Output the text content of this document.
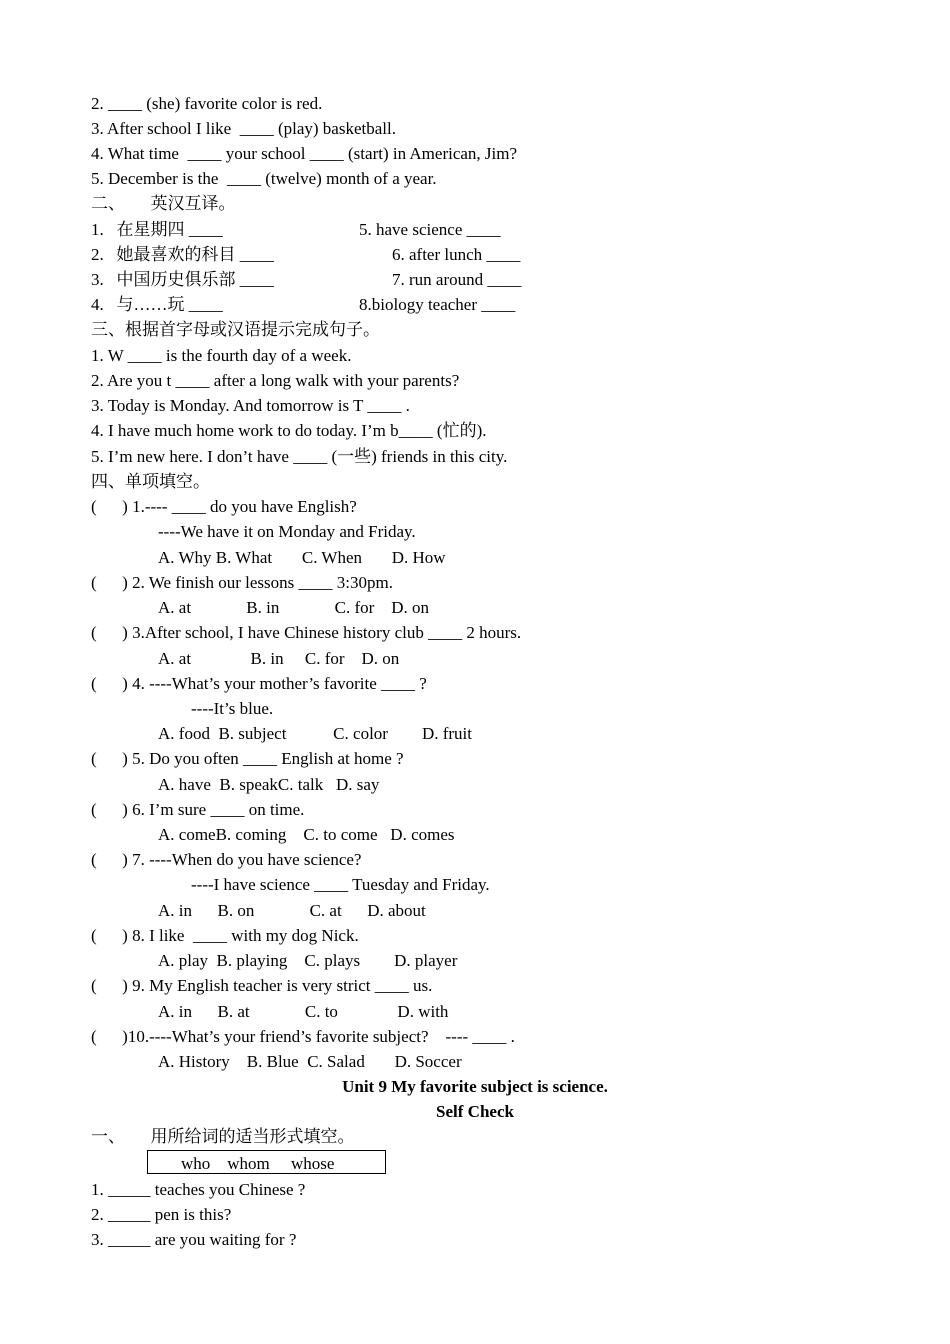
2. ____ (she) favorite color is red.
3. After school I like  ____ (play) basketball.
4. What time  ____ your school ____ (start) in American, Jim?
5. December is the  ____ (twelve) month of a year.
二、      英汉互译。
1.   在星期四 ____	5. have science ____
2.   她最喜欢的科目 ____	6. after lunch ____
3.   中国历史俱乐部 ____	7. run around ____
4.   与……玩 ____	8.biology teacher ____
三、根据首字母或汉语提示完成句子。
1. W ____ is the fourth day of a week.
2. Are you t ____ after a long walk with your parents?
3. Today is Monday. And tomorrow is T ____ .
4. I have much home work to do today. I’m b____ (忙的).
5. I’m new here. I don’t have ____ (一些) friends in this city.
四、单项填空。
(      ) 1.---- ____ do you have English?
----We have it on Monday and Friday.
A. Why B. What       C. When       D. How
(      ) 2. We finish our lessons ____ 3:30pm.
A. at             B. in             C. for    D. on
(      ) 3.After school, I have Chinese history club ____ 2 hours.
A. at              B. in     C. for    D. on
(      ) 4. ----What’s your mother’s favorite ____ ?
----It’s blue.
A. food  B. subject           C. color        D. fruit
(      ) 5. Do you often ____ English at home ?
A. have  B. speakC. talk   D. say
(      ) 6. I’m sure ____ on time.
A. comeB. coming    C. to come   D. comes
(      ) 7. ----When do you have science?
----I have science ____ Tuesday and Friday.
A. in      B. on             C. at      D. about
(      ) 8. I like  ____ with my dog Nick.
A. play  B. playing    C. plays        D. player
(      ) 9. My English teacher is very strict ____ us.
A. in      B. at             C. to              D. with
(      )10.----What’s your friend’s favorite subject?    ---- ____ .
A. History    B. Blue  C. Salad       D. Soccer
Unit 9 My favorite subject is science.
Self Check
一、      用所给词的适当形式填空。
who    whom     whose
1. _____ teaches you Chinese ?
2. _____ pen is this?
3. _____ are you waiting for ?
